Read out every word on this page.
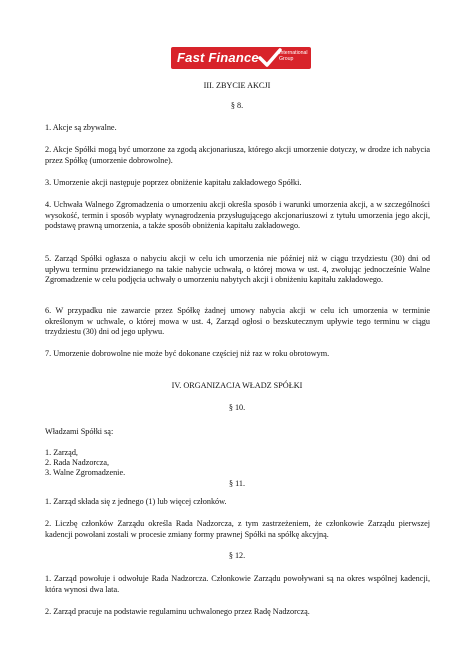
Fast Finance	International Group
III. ZBYCIE AKCJI
§ 8.

1. Akcje są zbywalne.

2. Akcje Spółki mogą być umorzone za zgodą akcjonariusza, którego akcji umorzenie dotyczy, w drodze ich nabycia przez Spółkę (umorzenie dobrowolne).

3. Umorzenie akcji następuje poprzez obniżenie kapitału zakładowego Spółki.

4. Uchwała Walnego Zgromadzenia o umorzeniu akcji określa sposób i warunki umorzenia akcji, a w szczególności wysokość, termin i sposób wypłaty wynagrodzenia przysługującego akcjonariuszowi z tytułu umorzenia jego akcji, podstawę prawną umorzenia, a także sposób obniżenia kapitału zakładowego.

5. Zarząd Spółki ogłasza o nabyciu akcji w celu ich umorzenia nie później niż w ciągu trzydziestu (30) dni od upływu terminu przewidzianego na takie nabycie uchwałą, o której mowa w ust. 4, zwołując jednocześnie Walne Zgromadzenie w celu podjęcia uchwały o umorzeniu nabytych akcji i obniżeniu kapitału zakładowego.

6. W przypadku nie zawarcie przez Spółkę żadnej umowy nabycia akcji w celu ich umorzenia w terminie określonym w uchwale, o której mowa w ust. 4, Zarząd ogłosi o bezskutecznym upływie tego terminu w ciągu trzydziestu (30) dni od jego upływu.

7. Umorzenie dobrowolne nie może być dokonane częściej niż raz w roku obrotowym.

IV. ORGANIZACJA WŁADZ SPÓŁKI
§ 10.
Władzami Spółki są:
1. Zarząd,
2. Rada Nadzorcza,
3. Walne Zgromadzenie.
§ 11.

1. Zarząd składa się z jednego (1) lub więcej członków.

2. Liczbę członków Zarządu określa Rada Nadzorcza, z tym zastrzeżeniem, że członkowie Zarządu pierwszej kadencji powołani zostali w procesie zmiany formy prawnej Spółki na spółkę akcyjną.

§ 12.

1. Zarząd powołuje i odwołuje Rada Nadzorcza. Członkowie Zarządu powoływani są na okres wspólnej kadencji, która wynosi dwa lata.

2. Zarząd pracuje na podstawie regulaminu uchwalonego przez Radę Nadzorczą.
